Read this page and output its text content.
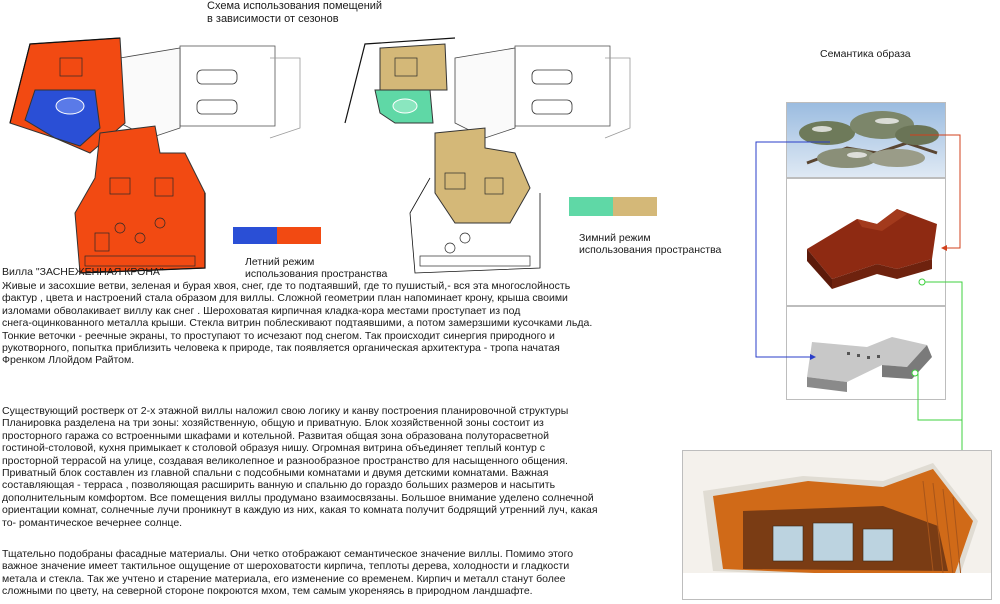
Схема использования помещений
в зависимости от сезонов
Летний режим
использования пространства
Зимний режим
использования пространства
Семантика образа
Вилла "ЗАСНЕЖЕННАЯ КРОНА"
Живые и засохшие ветви, зеленая и бурая хвоя, снег, где то подтаявший, где то пушистый,- вся эта многослойность
фактур , цвета и настроений стала образом для виллы. Сложной геометрии план напоминает крону, крыша своими
изломами обволакивает виллу как снег . Шероховатая кирпичная кладка-кора местами проступает из под
снега-оцинкованного металла крыши. Стекла витрин поблескивают подтаявшими, а потом замерзшими кусочками льда.
Тонкие веточки - реечные экраны, то проступают то исчезают под снегом. Так происходит синергия природного и
рукотворного, попытка приблизить человека к природе, так появляется органическая архитектура - тропа начатая
Френком Ллойдом Райтом.
Существующий ростверк от 2-х этажной виллы наложил свою логику и канву построения планировочной структуры
Планировка разделена на три зоны: хозяйственную, общую и приватную. Блок хозяйственной зоны состоит из
просторного гаража со встроенными шкафами и котельной. Развитая общая зона образована полуторасветной
гостиной-столовой, кухня примыкает к столовой образуя нишу. Огромная витрина объединяет теплый контур с
просторной террасой на улице, создавая великолепное и разнообразное пространство для насыщенного общения.
Приватный блок составлен из главной спальни с подсобными комнатами и двумя детскими комнатами. Важная
составляющая - терраса , позволяющая расширить ванную и спальню до гораздо больших размеров и насытить
дополнительным комфортом. Все помещения виллы продумано взаимосвязаны. Большое внимание уделено солнечной
ориентации комнат, солнечные лучи проникнут в каждую из них, какая то комната получит бодрящий утренний луч, какая
то- романтическое вечернее солнце.
Тщательно подобраны фасадные материалы. Они четко отображают семантическое значение виллы. Помимо этого
важное значение имеет тактильное ощущение от шероховатости кирпича, теплоты дерева, холодности и гладкости
метала и стекла. Так же учтено и старение материала, его изменение со временем. Кирпич и металл станут более
сложными по цвету, на северной стороне покроются мхом, тем самым укореняясь в природном ландшафте.
